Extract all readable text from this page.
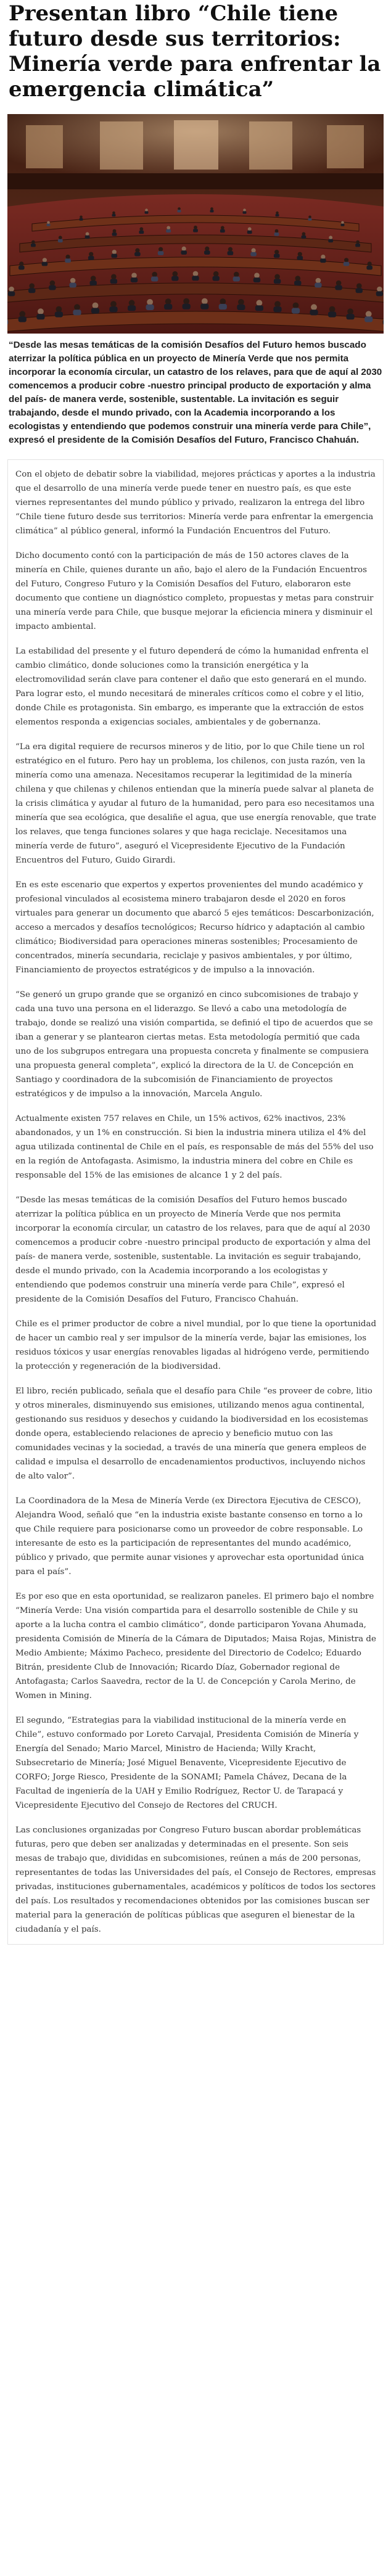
Presentan libro “Chile tiene futuro desde sus territorios: Minería verde para enfrentar la emergencia climática”

“Desde las mesas temáticas de la comisión Desafíos del Futuro hemos buscado aterrizar la política pública en un proyecto de Minería Verde que nos permita incorporar la economía circular, un catastro de los relaves, para que de aquí al 2030 comencemos a producir cobre -nuestro principal producto de exportación y alma del país- de manera verde, sostenible, sustentable. La invitación es seguir trabajando, desde el mundo privado, con la Academia incorporando a los ecologistas y entendiendo que podemos construir una minería verde para Chile”, expresó el presidente de la Comisión Desafíos del Futuro, Francisco Chahuán.

Con el objeto de debatir sobre la viabilidad, mejores prácticas y aportes a la industria que el desarrollo de una minería verde puede tener en nuestro país, es que este viernes representantes del mundo público y privado, realizaron la entrega del libro “Chile tiene futuro desde sus territorios: Minería verde para enfrentar la emergencia climática” al público general, informó la Fundación Encuentros del Futuro.

Dicho documento contó con la participación de más de 150 actores claves de la minería en Chile, quienes durante un año, bajo el alero de la Fundación Encuentros del Futuro, Congreso Futuro y la Comisión Desafíos del Futuro, elaboraron este documento que contiene un diagnóstico completo, propuestas y metas para construir una minería verde para Chile, que busque mejorar la eficiencia minera y disminuir el impacto ambiental.

La estabilidad del presente y el futuro dependerá de cómo la humanidad enfrenta el cambio climático, donde soluciones como la transición energética y la electromovilidad serán clave para contener el daño que esto generará en el mundo. Para lograr esto, el mundo necesitará de minerales críticos como el cobre y el litio, donde Chile es protagonista. Sin embargo, es imperante que la extracción de estos elementos responda a exigencias sociales, ambientales y de gobernanza.

“La era digital requiere de recursos mineros y de litio, por lo que Chile tiene un rol estratégico en el futuro. Pero hay un problema, los chilenos, con justa razón, ven la minería como una amenaza. Necesitamos recuperar la legitimidad de la minería chilena y que chilenas y chilenos entiendan que la minería puede salvar al planeta de la crisis climática y ayudar al futuro de la humanidad, pero para eso necesitamos una minería que sea ecológica, que desaliñe el agua, que use energía renovable, que trate los relaves, que tenga funciones solares y que haga reciclaje. Necesitamos una minería verde de futuro”, aseguró el Vicepresidente Ejecutivo de la Fundación Encuentros del Futuro, Guido Girardi.

En es este escenario que expertos y expertos provenientes del mundo académico y profesional vinculados al ecosistema minero trabajaron desde el 2020 en foros virtuales para generar un documento que abarcó 5 ejes temáticos: Descarbonización, acceso a mercados y desafíos tecnológicos; Recurso hídrico y adaptación al cambio climático; Biodiversidad para operaciones mineras sostenibles; Procesamiento de concentrados, minería secundaria, reciclaje y pasivos ambientales, y por último, Financiamiento de proyectos estratégicos y de impulso a la innovación.

“Se generó un grupo grande que se organizó en cinco subcomisiones de trabajo y cada una tuvo una persona en el liderazgo. Se llevó a cabo una metodología de trabajo, donde se realizó una visión compartida, se definió el tipo de acuerdos que se iban a generar y se plantearon ciertas metas. Esta metodología permitió que cada uno de los subgrupos entregara una propuesta concreta y finalmente se compusiera una propuesta general completa”, explicó la directora de la U. de Concepción en Santiago y coordinadora de la subcomisión de Financiamiento de proyectos estratégicos y de impulso a la innovación, Marcela Angulo.

Actualmente existen 757 relaves en Chile, un 15% activos, 62% inactivos, 23% abandonados, y un 1% en construcción. Si bien la industria minera utiliza el 4% del agua utilizada continental de Chile en el país, es responsable de más del 55% del uso en la región de Antofagasta. Asimismo, la industria minera del cobre en Chile es responsable del 15% de las emisiones de alcance 1 y 2 del país.

“Desde las mesas temáticas de la comisión Desafíos del Futuro hemos buscado aterrizar la política pública en un proyecto de Minería Verde que nos permita incorporar la economía circular, un catastro de los relaves, para que de aquí al 2030 comencemos a producir cobre -nuestro principal producto de exportación y alma del país- de manera verde, sostenible, sustentable. La invitación es seguir trabajando, desde el mundo privado, con la Academia incorporando a los ecologistas y entendiendo que podemos construir una minería verde para Chile”, expresó el presidente de la Comisión Desafíos del Futuro, Francisco Chahuán.

Chile es el primer productor de cobre a nivel mundial, por lo que tiene la oportunidad de hacer un cambio real y ser impulsor de la minería verde, bajar las emisiones, los residuos tóxicos y usar energías renovables ligadas al hidrógeno verde, permitiendo la protección y regeneración de la biodiversidad.

El libro, recién publicado, señala que el desafío para Chile “es proveer de cobre, litio y otros minerales, disminuyendo sus emisiones, utilizando menos agua continental, gestionando sus residuos y desechos y cuidando la biodiversidad en los ecosistemas donde opera, estableciendo relaciones de aprecio y beneficio mutuo con las comunidades vecinas y la sociedad, a través de una minería que genera empleos de calidad e impulsa el desarrollo de encadenamientos productivos, incluyendo nichos de alto valor”.

La Coordinadora de la Mesa de Minería Verde (ex Directora Ejecutiva de CESCO), Alejandra Wood, señaló que “en la industria existe bastante consenso en torno a lo que Chile requiere para posicionarse como un proveedor de cobre responsable. Lo interesante de esto es la participación de representantes del mundo académico, público y privado, que permite aunar visiones y aprovechar esta oportunidad única para el país”.

Es por eso que en esta oportunidad, se realizaron paneles. El primero bajo el nombre “Minería Verde: Una visión compartida para el desarrollo sostenible de Chile y su aporte a la lucha contra el cambio climático”, donde participaron Yovana Ahumada, presidenta Comisión de Minería de la Cámara de Diputados; Maisa Rojas, Ministra de Medio Ambiente; Máximo Pacheco, presidente del Directorio de Codelco; Eduardo Bitrán, presidente Club de Innovación; Ricardo Díaz, Gobernador regional de Antofagasta; Carlos Saavedra, rector de la U. de Concepción y Carola Merino, de Women in Mining.

El segundo, “Estrategias para la viabilidad institucional de la minería verde en Chile”, estuvo conformado por Loreto Carvajal, Presidenta Comisión de Minería y Energía del Senado; Mario Marcel, Ministro de Hacienda; Willy Kracht, Subsecretario de Minería; José Miguel Benavente, Vicepresidente Ejecutivo de CORFO; Jorge Riesco, Presidente de la SONAMI; Pamela Chávez, Decana de la Facultad de ingeniería de la UAH y Emilio Rodríguez, Rector U. de Tarapacá y Vicepresidente Ejecutivo del Consejo de Rectores del CRUCH.

Las conclusiones organizadas por Congreso Futuro buscan abordar problemáticas futuras, pero que deben ser analizadas y determinadas en el presente. Son seis mesas de trabajo que, divididas en subcomisiones, reúnen a más de 200 personas, representantes de todas las Universidades del país, el Consejo de Rectores, empresas privadas, instituciones gubernamentales, académicos y políticos de todos los sectores del país. Los resultados y recomendaciones obtenidos por las comisiones buscan ser material para la generación de políticas públicas que aseguren el bienestar de la ciudadanía y el país.
